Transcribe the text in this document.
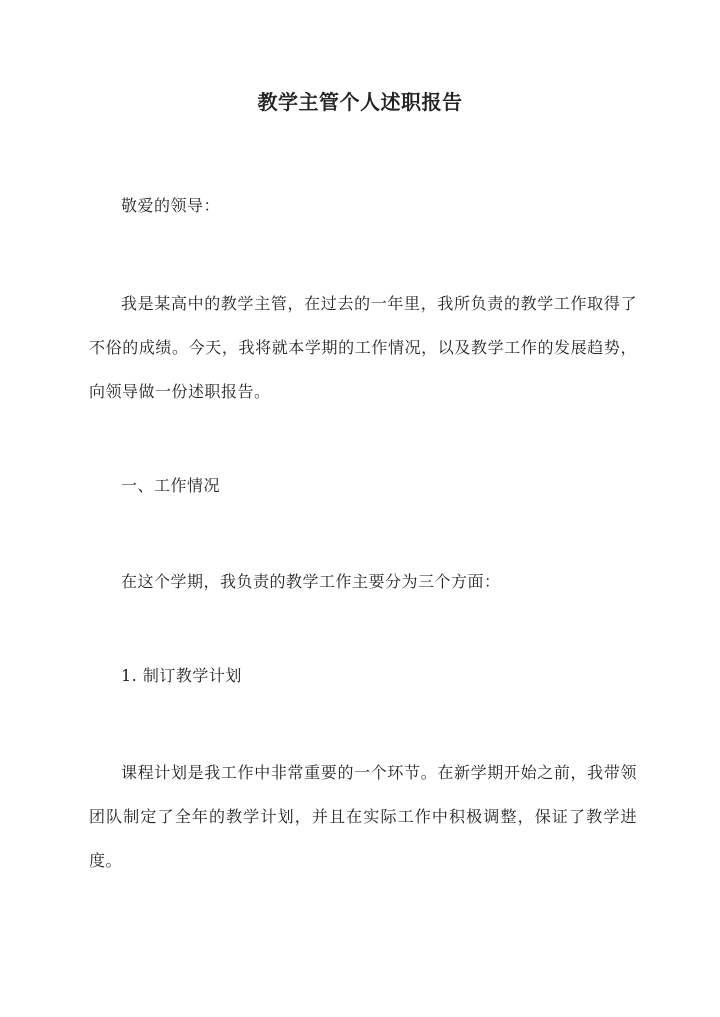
教学主管个人述职报告
敬爱的领导：
我是某高中的教学主管，在过去的一年里，我所负责的教学工作取得了不俗的成绩。今天，我将就本学期的工作情况，以及教学工作的发展趋势，向领导做一份述职报告。
一、工作情况
在这个学期，我负责的教学工作主要分为三个方面：
1. 制订教学计划
课程计划是我工作中非常重要的一个环节。在新学期开始之前，我带领团队制定了全年的教学计划，并且在实际工作中积极调整，保证了教学进度。
